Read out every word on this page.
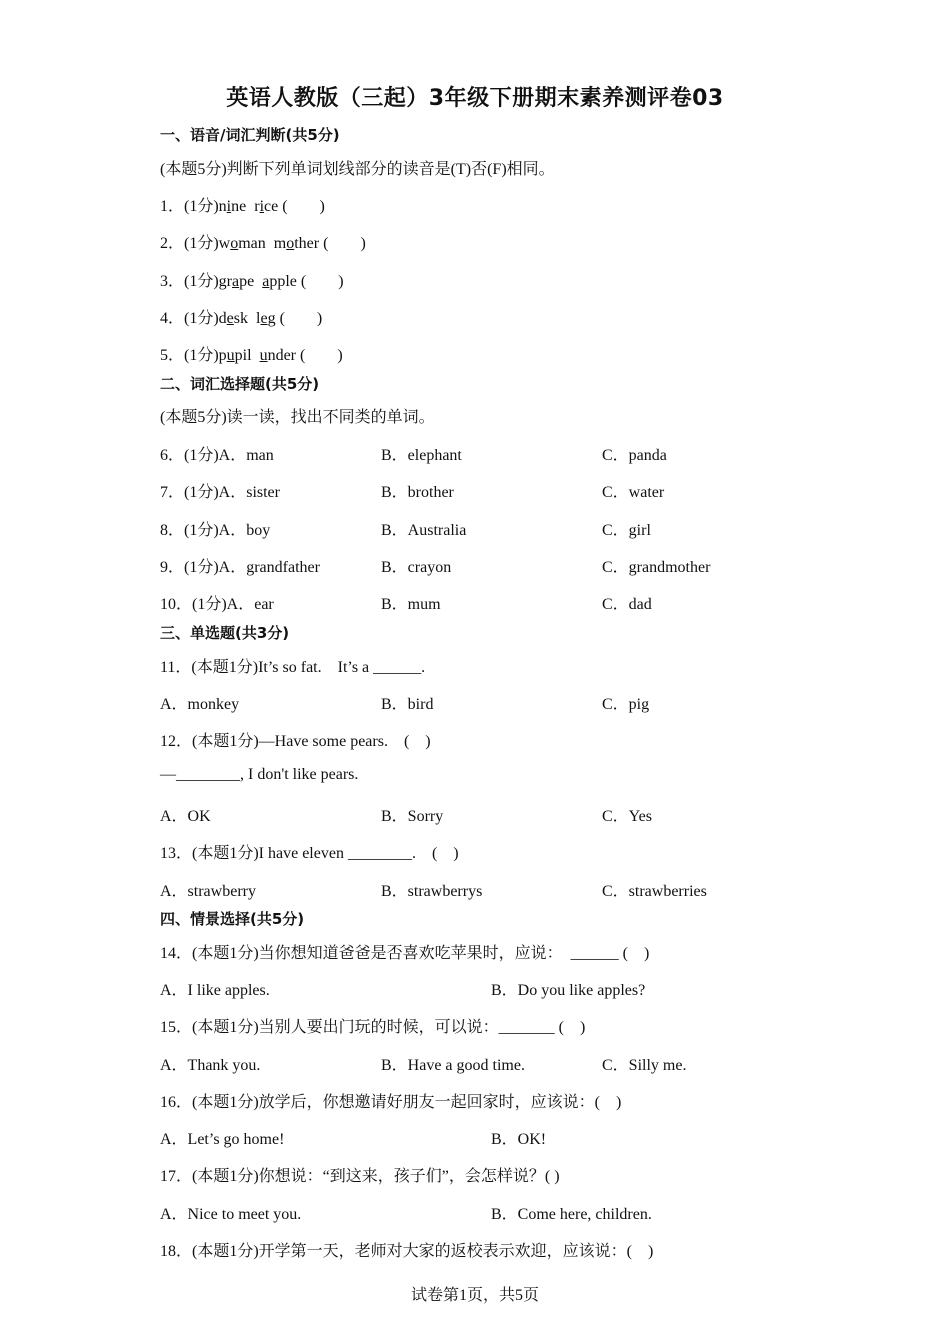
英语人教版（三起）3年级下册期末素养测评卷03
一、语音/词汇判断(共5分)
(本题5分)判断下列单词划线部分的读音是(T)否(F)相同。
1．(1分)nine rice (　　)
2．(1分)woman mother (　　)
3．(1分)grape apple (　　)
4．(1分)desk leg (　　)
5．(1分)pupil under (　　)
二、词汇选择题(共5分)
(本题5分)读一读，找出不同类的单词。
6．(1分)A．man	B．elephant	C．panda
7．(1分)A．sister	B．brother	C．water
8．(1分)A．boy	B．Australia	C．girl
9．(1分)A．grandfather	B．crayon	C．grandmother
10．(1分)A．ear	B．mum	C．dad
三、单选题(共3分)
11．(本题1分)It’s so fat.　It’s a ______.
A．monkey	B．bird	C．pig
12．(本题1分)—Have some pears.　(　)
—________, I don't like pears.
A．OK	B．Sorry	C．Yes
13．(本题1分)I have eleven ________.　(　)
A．strawberry	B．strawberrys	C．strawberries
四、情景选择(共5分)
14．(本题1分)当你想知道爸爸是否喜欢吃苹果时，应说：　______ (　)
A．I like apples.	B．Do you like apples?
15．(本题1分)当别人要出门玩的时候，可以说：_______ (　)
A．Thank you.	B．Have a good time.	C．Silly me.
16．(本题1分)放学后，你想邀请好朋友一起回家时，应该说：(　)
A．Let’s go home!	B．OK!
17．(本题1分)你想说：“到这来，孩子们”，会怎样说？( )
A．Nice to meet you.	B．Come here, children.
18．(本题1分)开学第一天，老师对大家的返校表示欢迎，应该说：(　)
试卷第1页，共5页
